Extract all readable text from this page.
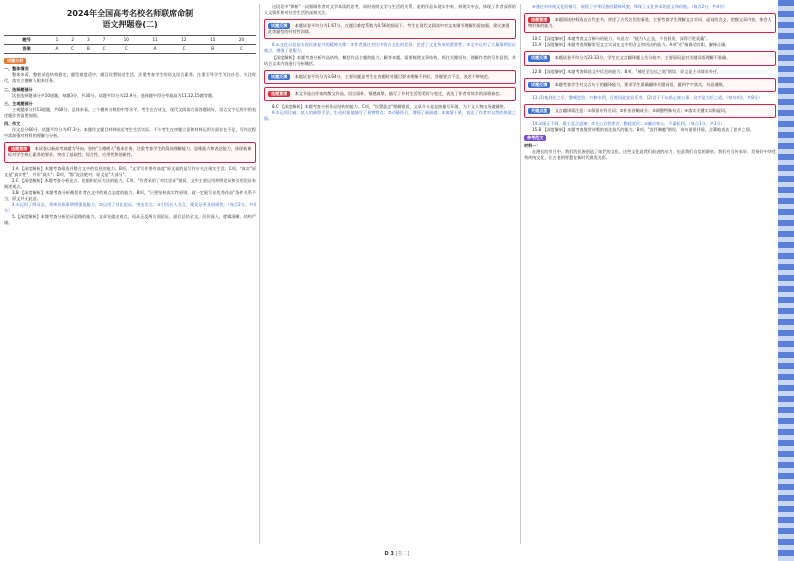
2024年全国高考名校名师联席命制
语文押题卷(二)
题号	1	2	3	7	10	11	12	15	20
答案	A	C	B	C	C	A	C	B	C
试题分析
一、整体情况
整体来看，整套试卷结构稳定，题型难度适中，题目设置贴近生活，注重考查学生的语文综合素养，注重引导学生关注社会、关注时代，落实立德树人根本任务。
二、选择题部分
试卷选择题部分共10道题，每题3分，共30分。试题平均分为22.9分，选择题中得分率最高为11,12,15题等题。
三、主观题部分
主观题部分共13道题，共60分，总体来看，三个模块分数的中等水平，考生在古诗文、现代文阅读方面答题较好，语言文字运用中的表述题作答需要加强。
四、作文
作文总分60分，试题平均分为47.3分。本题作文题目材料贴近考生生活实际，不少考生在审题立意和材料运用方面存在不足，写作过程中需加强对材料的理解与分析。
选题意图 本试卷以新高考真题为导向，坚持"立德树人"根本任务，注重考查学生的阅读理解能力、思维能力和表达能力，体现新课标对学生核心素养的要求，突出了基础性、综合性、应用性和创新性。
1.A 【深度解析】本题考查筛选并整合文中的信息的能力。B项，"文学写作要有高度"原文说的是写作应关注现实生活；C项，"真实"原文是"真实性"，并非"真实"；D项，"都"说法绝对，原文是"大部分"。
2.C 【深度解析】本题考查分析论点、论据和论证方法的能力。C项，"作者采用了对比论证"错误，文中主要运用举例论证和引用论证来阐述观点。
3.B 【深度解析】本题考查分析概括作者在文中的观点态度的能力。B项，"只要坚持真实性原则，就一定能写出优秀作品"条件关系不当，原文并无此意。
4.①运用了例证法，列举具体事例增强说服力；②运用了对比论证，突出论点；③引用名人名言，使论证更具权威性。（每点2分，共4分）
5.【深度解析】本题考查分析论证思路的能力。文章先提出观点，再从正反两方面论证，最后总结全文，层层深入，逻辑清晰，结构严谨。
这段话中"辨析"一词强调作者对文学本质的思考，同时表明文学与生活的关系，说明作品从现实中来、到现实中去，体现了作者深厚的人文情怀和对社会生活的深刻关注。
试题反馈 本题试卷平均分为1.67分，在题目难度系数为0.56的情况下，考生在现代文阅读中对文本细节理解仍需加强，建议加强此类题型的针对性训练。
6.①文化自信是实现民族复兴的精神支撑；②作者通过对比中西方文化的差异，论述了文化传承的重要性；③文中运用了大量事例论证观点，增强了说服力。
【深度解析】本题考查分析作品结构、概括作品主题的能力。解答本题，需要梳理文章结构，抓住关键语句，理解作者的写作意图，并结合文本内容进行分析概括。
试题反馈 本题试卷平均分为3.64分，主要问题是考生在答题时对题目要求理解不到位，答题要点不全，表述不够规范。
选题意图 本文节选自作家的散文作品，语言质朴，情感真挚，描写了乡村生活的美好与变迁，表达了作者对故乡的深情眷恋。
8.C 【深度解析】本题考查分析作品结构的能力。C项，"设置悬念"理解错误，文章开头是直接描写环境，为下文人物出场做铺垫。
9.①运用比喻、拟人的修辞手法，生动形象地描写了景物特点；②动静结合，增强了画面感；③寓情于景，表达了作者对自然的热爱之情。
④通过对传统文化的描写，展现了中华民族的精神风貌，体现了文化传承的意义和价值。（每点2分，共4分）
选题意图 本题阅读材料选自古代史书，讲述了古代名臣的事迹，主要考查学生理解文言实词、虚词的含义，把握文章内容，体会人物形象的能力。
10.C 【深度解析】本题考查文言断句的能力。句意为："他为人正直，不畏权贵，深得百姓爱戴"。
11.A 【深度解析】本题考查理解常见文言实词在文中的含义和用法的能力。A项"迁"指调动官职，解释正确。
试题反馈 本题试卷平均分为23.33分，学生在文言翻译题上失分较多，主要原因是对关键词语理解不准确。
12.B 【深度解析】本题考查筛选文中信息的能力。B项，"被贬至边远之地"错误，原文是主动请求外任。
试题反馈 本题考查学生对文言句子的翻译能力，要求学生准确翻译关键词语，做到字字落实，句意通顺。
13.(1)他到任之后，整顿吏治，兴修水利，百姓因此安居乐业。(2)君子不以私心废公事，这才是为臣之道。（每句4分，共8分）
关键点拨 文言翻译需注意：①保留专有名词；②补出省略成分；③调整特殊句式；④落实关键实词和虚词。
14.①刚正不阿，敢于直言进谏；②关心百姓疾苦，勤政爱民；③廉洁奉公，不谋私利。（每点1分，共3分）
15.B 【深度解析】本题考查鉴赏诗歌的表达技巧的能力。B项，"直抒胸臆"错误，诗句借景抒情，含蓄地表达了思乡之情。
参考范文
材料一：
在漫长的岁月中，我们的民族创造了灿烂的文化，这些文化是我们前进的动力，也是我们自信的源泉。我们应当传承好、发扬好中华优秀传统文化，让古老的智慧在新时代焕发光彩。
D 3 [卷二]
